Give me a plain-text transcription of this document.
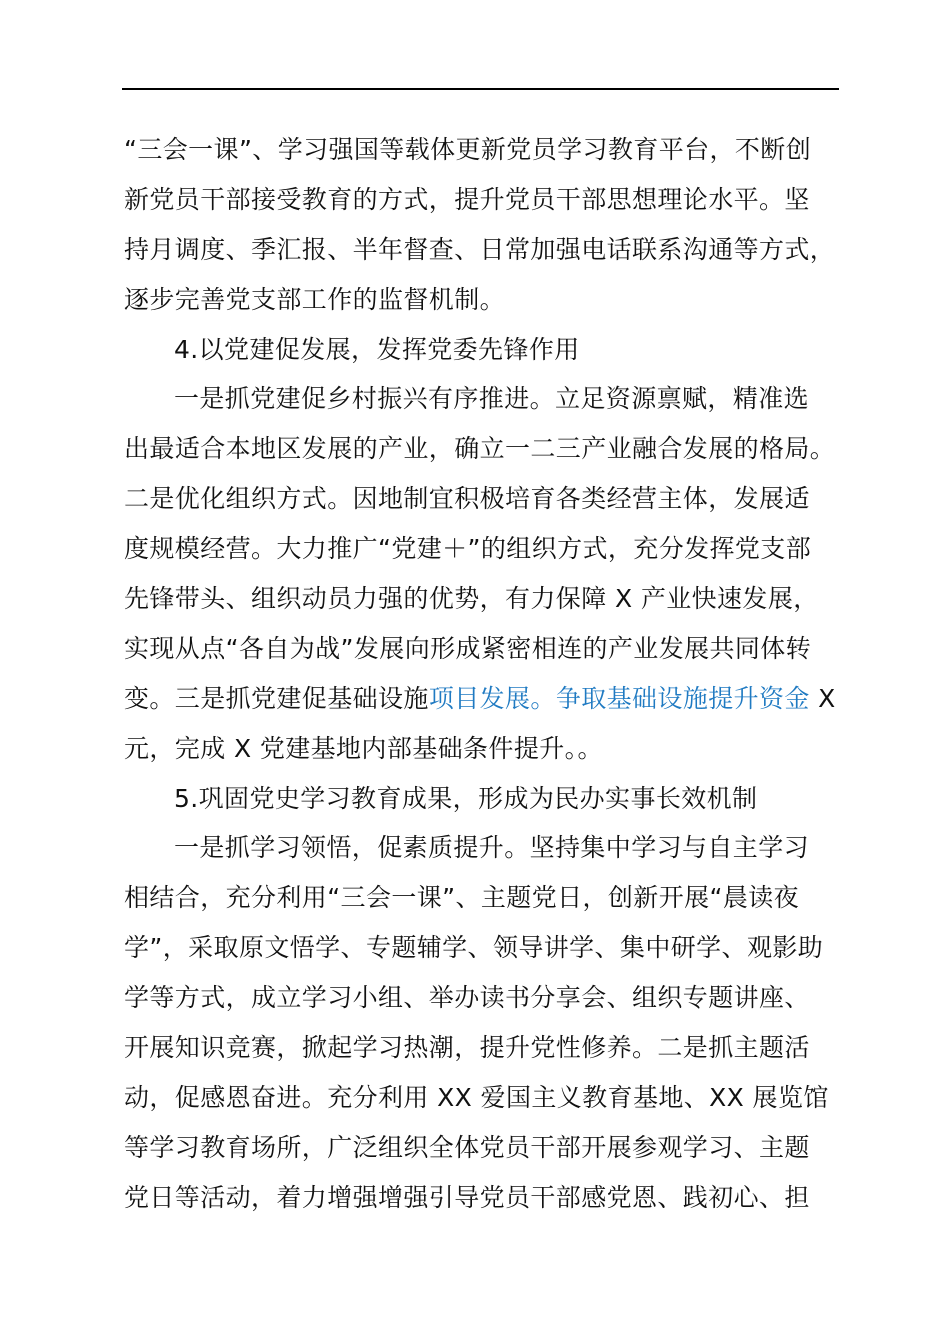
“三会一课”、学习强国等载体更新党员学习教育平台，不断创
新党员干部接受教育的方式，提升党员干部思想理论水平。坚
持月调度、季汇报、半年督查、日常加强电话联系沟通等方式，
逐步完善党支部工作的监督机制。
4.以党建促发展，发挥党委先锋作用
一是抓党建促乡村振兴有序推进。立足资源禀赋，精准选
出最适合本地区发展的产业，确立一二三产业融合发展的格局。
二是优化组织方式。因地制宜积极培育各类经营主体，发展适
度规模经营。大力推广“党建＋”的组织方式，充分发挥党支部
先锋带头、组织动员力强的优势，有力保障 X 产业快速发展，
实现从点“各自为战”发展向形成紧密相连的产业发展共同体转
变。三是抓党建促基础设施项目发展。争取基础设施提升资金 X
元，完成 X 党建基地内部基础条件提升。。
5.巩固党史学习教育成果，形成为民办实事长效机制
一是抓学习领悟，促素质提升。坚持集中学习与自主学习
相结合，充分利用“三会一课”、主题党日，创新开展“晨读夜
学”，采取原文悟学、专题辅学、领导讲学、集中研学、观影助
学等方式，成立学习小组、举办读书分享会、组织专题讲座、
开展知识竞赛，掀起学习热潮，提升党性修养。二是抓主题活
动，促感恩奋进。充分利用 XX 爱国主义教育基地、XX 展览馆
等学习教育场所，广泛组织全体党员干部开展参观学习、主题
党日等活动，着力增强增强引导党员干部感党恩、践初心、担
